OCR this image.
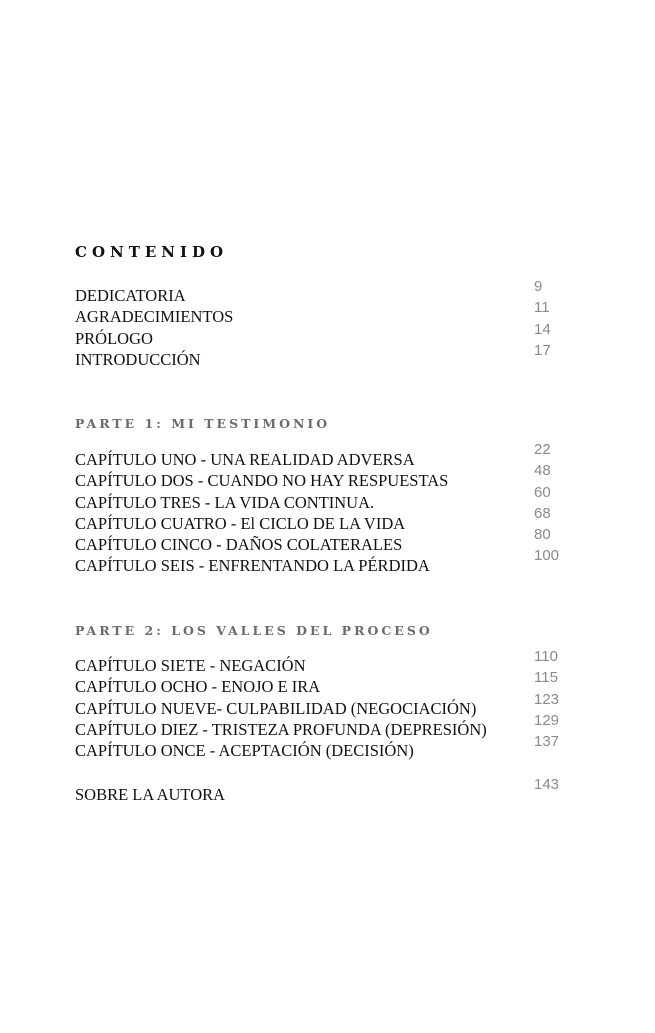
CONTENIDO
DEDICATORIA
AGRADECIMIENTOS
PRÓLOGO
INTRODUCCIÓN
9
11
14
17
PARTE 1: MI TESTIMONIO
CAPÍTULO UNO - UNA REALIDAD ADVERSA
CAPÍTULO DOS - CUANDO NO HAY RESPUESTAS
CAPÍTULO TRES - LA VIDA CONTINUA.
CAPÍTULO CUATRO - El CICLO DE LA VIDA
CAPÍTULO CINCO - DAÑOS COLATERALES
CAPÍTULO SEIS - ENFRENTANDO LA PÉRDIDA
22
48
60
68
80
100
PARTE 2: LOS VALLES DEL PROCESO
CAPÍTULO SIETE - NEGACIÓN
CAPÍTULO OCHO - ENOJO E IRA
CAPÍTULO NUEVE- CULPABILIDAD (NEGOCIACIÓN)
CAPÍTULO DIEZ - TRISTEZA PROFUNDA (DEPRESIÓN)
CAPÍTULO ONCE - ACEPTACIÓN (DECISIÓN)
110
115
123
129
137
SOBRE LA AUTORA
143
